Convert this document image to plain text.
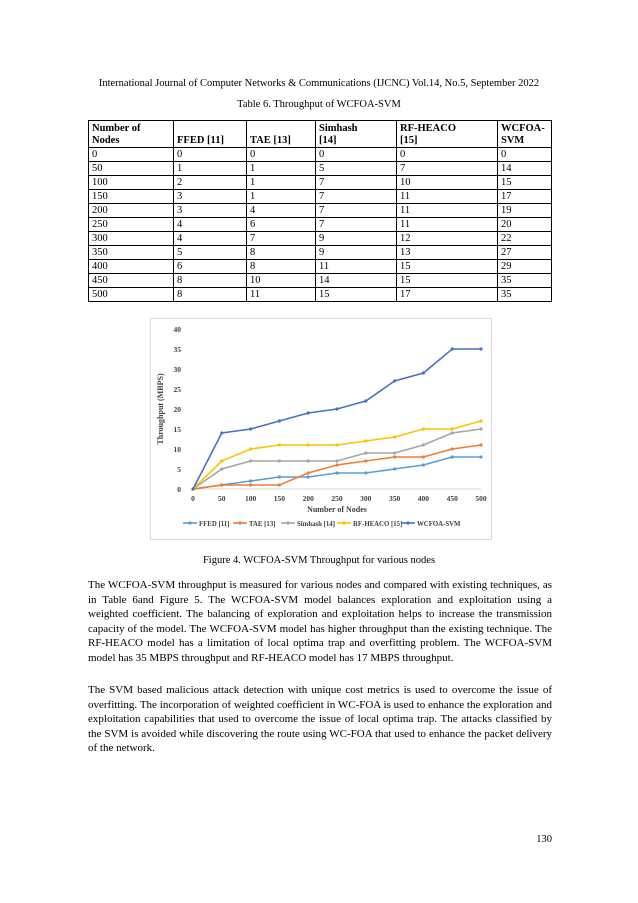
International Journal of Computer Networks & Communications (IJCNC) Vol.14, No.5, September 2022
Table 6. Throughput of WCFOA-SVM
Number of
Nodes	FFED [11]	TAE [13]	Simhash
[14]	RF-HEACO
[15]	WCFOA-
SVM
0	0	0	0	0	0
50	1	1	5	7	14
100	2	1	7	10	15
150	3	1	7	11	17
200	3	4	7	11	19
250	4	6	7	11	20
300	4	7	9	12	22
350	5	8	9	13	27
400	6	8	11	15	29
450	8	10	14	15	35
500	8	11	15	17	35
0
5
10
15
20
25
30
35
40
0	50	100 150 200 250 300 350 400 450 500
Number of Nodes
Throughput (MBPS)
FFED [11]	TAE [13]	Simhash [14]	RF-HEACO [15] WCFOA-SVM
Figure 4. WCFOA-SVM Throughput for various nodes

The WCFOA-SVM throughput is measured for various nodes and compared with existing techniques, as in Table 6and Figure 5. The WCFOA-SVM model balances exploration and exploitation using a weighted coefficient. The balancing of exploration and exploitation helps to increase the transmission capacity of the model. The WCFOA-SVM model has higher throughput than the existing technique. The RF-HEACO model has a limitation of local optima trap and overfitting problem. The WCFOA-SVM model has 35 MBPS throughput and RF-HEACO model has 17 MBPS throughput.

The SVM based malicious attack detection with unique cost metrics is used to overcome the issue of overfitting. The incorporation of weighted coefficient in WC-FOA is used to enhance the exploration and exploitation capabilities that used to overcome the issue of local optima trap. The attacks classified by the SVM is avoided while discovering the route using WC-FOA that used to enhance the packet delivery of the network.

130
